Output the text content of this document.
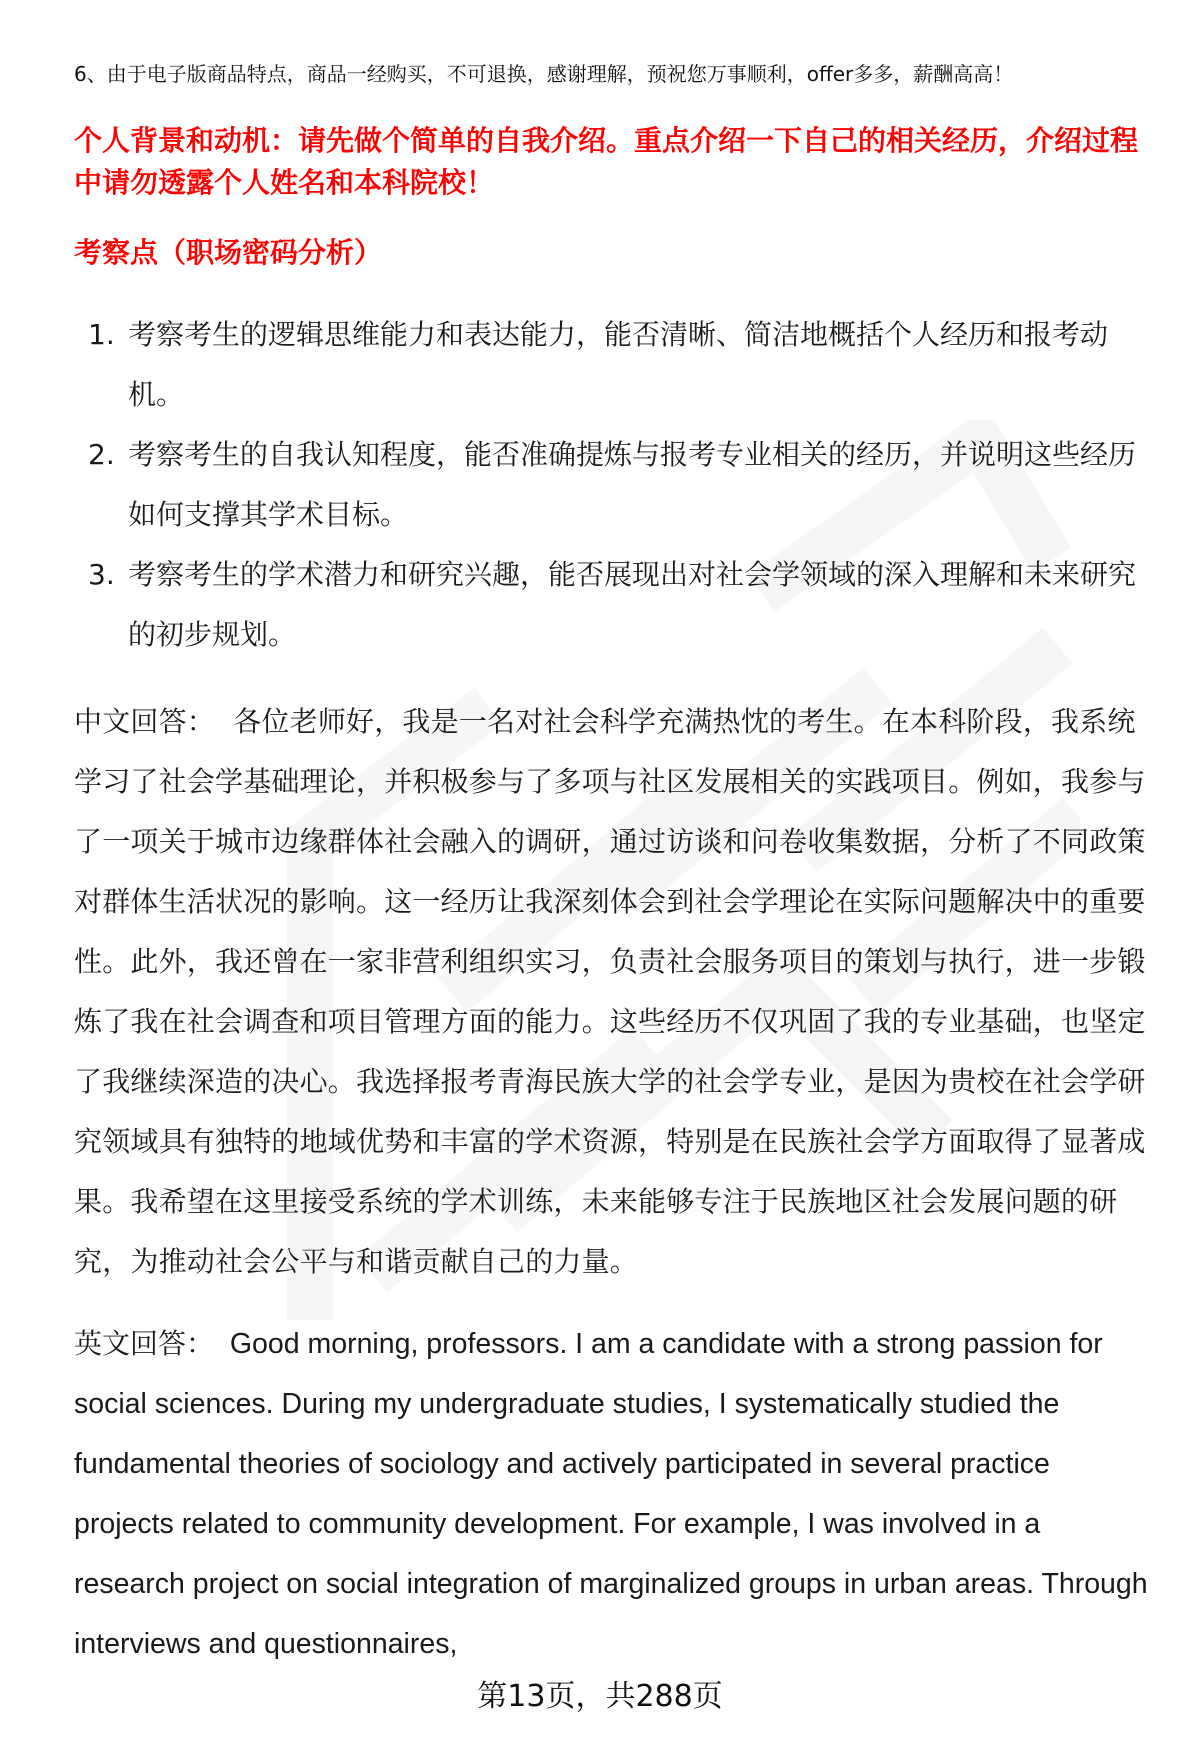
6、由于电子版商品特点，商品一经购买，不可退换，感谢理解，预祝您万事顺利，offer多多，薪酬高高！
个人背景和动机：请先做个简单的自我介绍。重点介绍一下自己的相关经历，介绍过程中请勿透露个人姓名和本科院校！
考察点（职场密码分析）
1. 考察考生的逻辑思维能力和表达能力，能否清晰、简洁地概括个人经历和报考动机。
2. 考察考生的自我认知程度，能否准确提炼与报考专业相关的经历，并说明这些经历如何支撑其学术目标。
3. 考察考生的学术潜力和研究兴趣，能否展现出对社会学领域的深入理解和未来研究的初步规划。

中文回答： 各位老师好，我是一名对社会科学充满热忱的考生。在本科阶段，我系统学习了社会学基础理论，并积极参与了多项与社区发展相关的实践项目。例如，我参与了一项关于城市边缘群体社会融入的调研，通过访谈和问卷收集数据，分析了不同政策对群体生活状况的影响。这一经历让我深刻体会到社会学理论在实际问题解决中的重要性。此外，我还曾在一家非营利组织实习，负责社会服务项目的策划与执行，进一步锻炼了我在社会调查和项目管理方面的能力。这些经历不仅巩固了我的专业基础，也坚定了我继续深造的决心。我选择报考青海民族大学的社会学专业，是因为贵校在社会学研究领域具有独特的地域优势和丰富的学术资源，特别是在民族社会学方面取得了显著成果。我希望在这里接受系统的学术训练，未来能够专注于民族地区社会发展问题的研究，为推动社会公平与和谐贡献自己的力量。

英文回答： Good morning, professors. I am a candidate with a strong passion for social sciences. During my undergraduate studies, I systematically studied the fundamental theories of sociology and actively participated in several practice projects related to community development. For example, I was involved in a research project on social integration of marginalized groups in urban areas. Through interviews and questionnaires,

第13页，共288页
